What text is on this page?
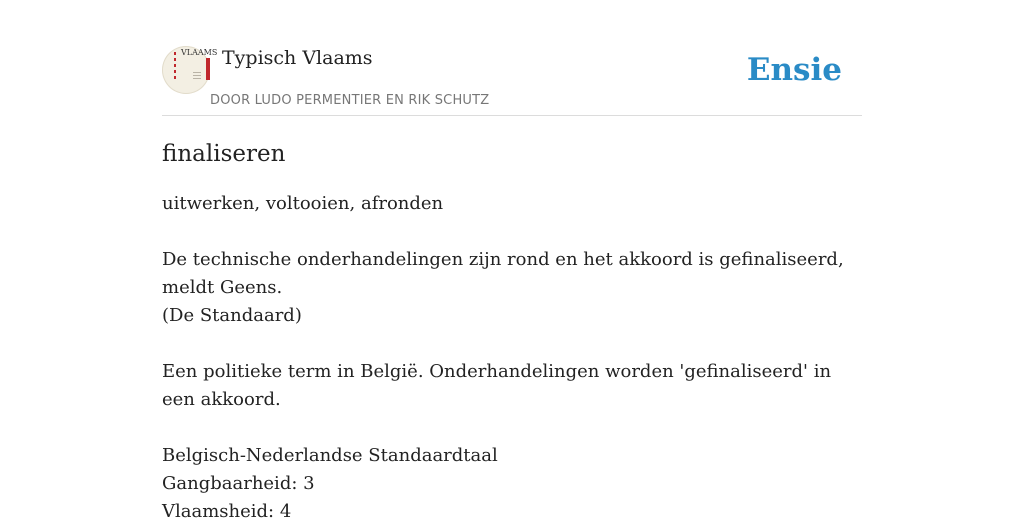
VLAAMS Typisch Vlaams
DOOR LUDO PERMENTIER EN RIK SCHUTZ
Ensie
finaliseren

uitwerken, voltooien, afronden

De technische onderhandelingen zijn rond en het akkoord is gefinaliseerd, meldt Geens.

(De Standaard)

Een politieke term in België. Onderhandelingen worden 'gefinaliseerd' in een akkoord.

Belgisch-Nederlandse Standaardtaal

Gangbaarheid: 3

Vlaamsheid: 4
